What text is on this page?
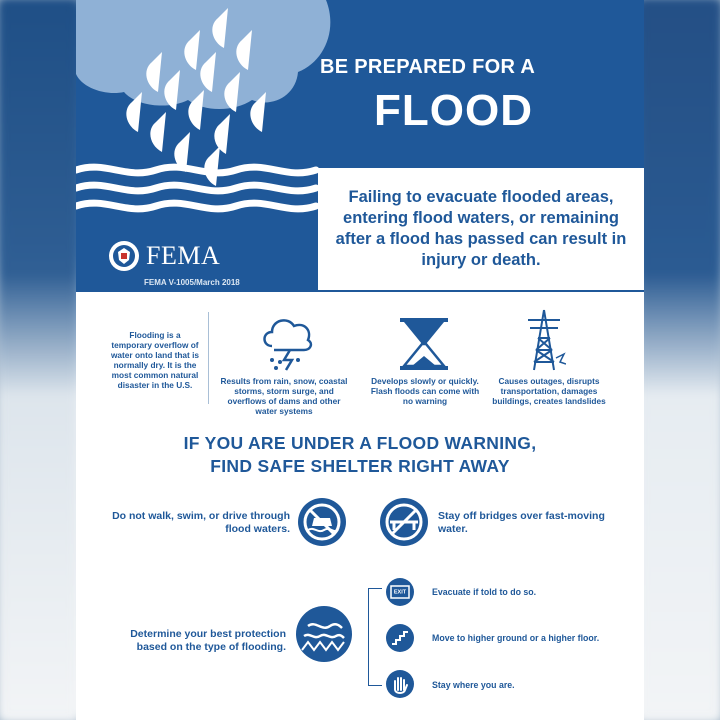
BE PREPARED FOR A
FLOOD
FEMA
FEMA V-1005/March 2018
Failing to evacuate flooded areas, entering flood waters, or remaining after a flood has passed can result in injury or death.
Flooding is a temporary overflow of water onto land that is normally dry. It is the most common natural disaster in the U.S.	Results from rain, snow, coastal storms, storm surge, and overflows of dams and other water systems
Develops slowly or quickly. Flash floods can come with no warning
Causes outages, disrupts transportation, damages buildings, creates landslides
IF YOU ARE UNDER A FLOOD WARNING,
FIND SAFE SHELTER RIGHT AWAY
Do not walk, swim, or drive through flood waters.
Stay off bridges over fast-moving water.
Determine your best protection based on the type of flooding.
EXIT	Evacuate if told to do so.
Move to higher ground or a higher floor.
Stay where you are.
